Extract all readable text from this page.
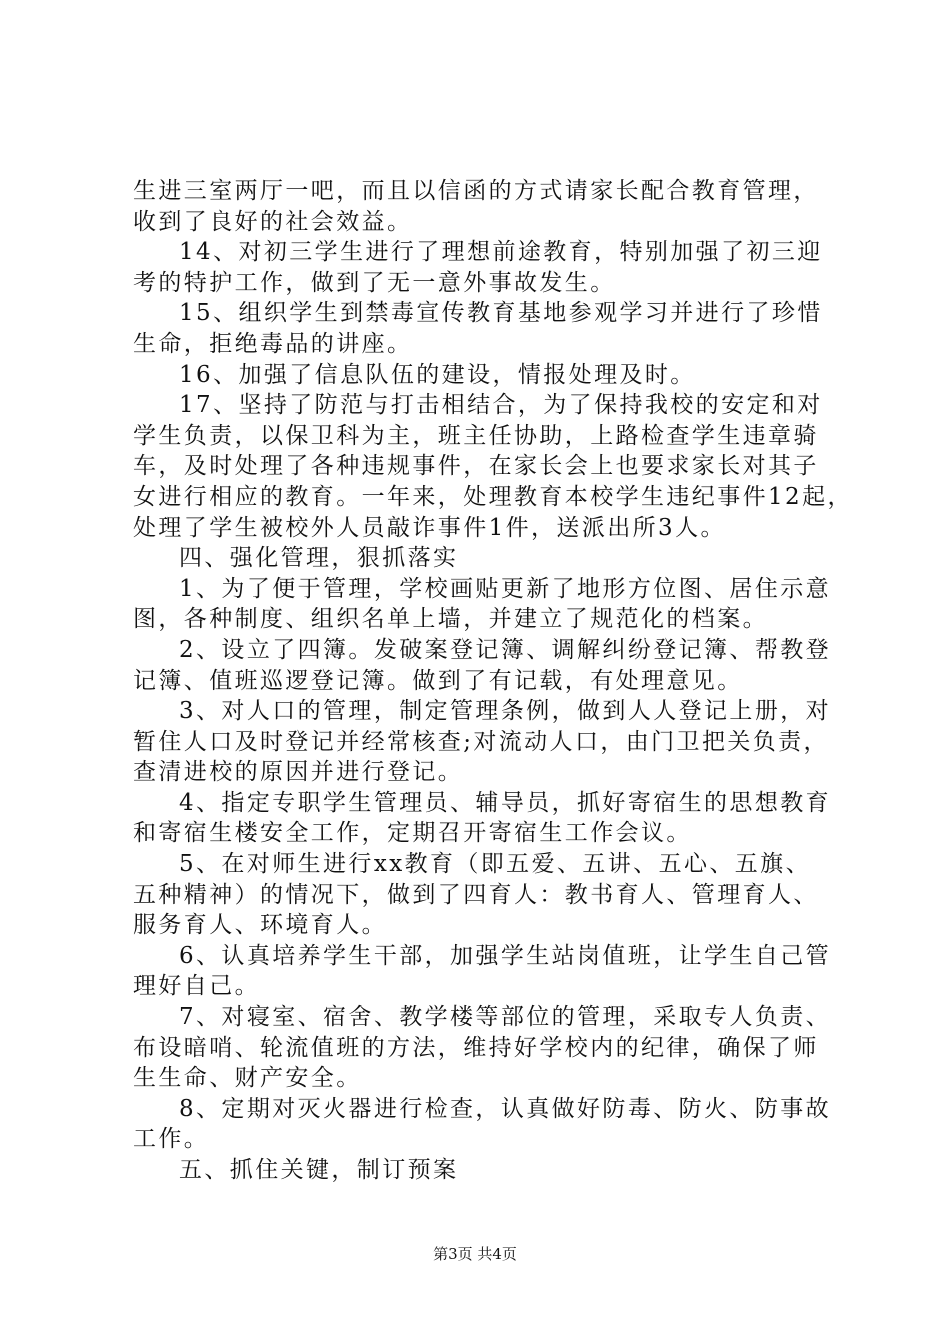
生进三室两厅一吧，而且以信函的方式请家长配合教育管理，
收到了良好的社会效益。
14、对初三学生进行了理想前途教育，特别加强了初三迎
考的特护工作，做到了无一意外事故发生。
15、组织学生到禁毒宣传教育基地参观学习并进行了珍惜
生命，拒绝毒品的讲座。
16、加强了信息队伍的建设，情报处理及时。
17、坚持了防范与打击相结合，为了保持我校的安定和对
学生负责，以保卫科为主，班主任协助，上路检查学生违章骑
车，及时处理了各种违规事件，在家长会上也要求家长对其子
女进行相应的教育。一年来，处理教育本校学生违纪事件12起，
处理了学生被校外人员敲诈事件1件，送派出所3人。
四、强化管理，狠抓落实
1、为了便于管理，学校画贴更新了地形方位图、居住示意
图，各种制度、组织名单上墙，并建立了规范化的档案。
2、设立了四簿。发破案登记簿、调解纠纷登记簿、帮教登
记簿、值班巡逻登记簿。做到了有记载，有处理意见。
3、对人口的管理，制定管理条例，做到人人登记上册，对
暂住人口及时登记并经常核查;对流动人口，由门卫把关负责，
查清进校的原因并进行登记。
4、指定专职学生管理员、辅导员，抓好寄宿生的思想教育
和寄宿生楼安全工作，定期召开寄宿生工作会议。
5、在对师生进行xx教育（即五爱、五讲、五心、五旗、
五种精神）的情况下，做到了四育人：教书育人、管理育人、
服务育人、环境育人。
6、认真培养学生干部，加强学生站岗值班，让学生自己管
理好自己。
7、对寝室、宿舍、教学楼等部位的管理，采取专人负责、
布设暗哨、轮流值班的方法，维持好学校内的纪律，确保了师
生生命、财产安全。
8、定期对灭火器进行检查，认真做好防毒、防火、防事故
工作。
五、抓住关键，制订预案
第3页 共4页
